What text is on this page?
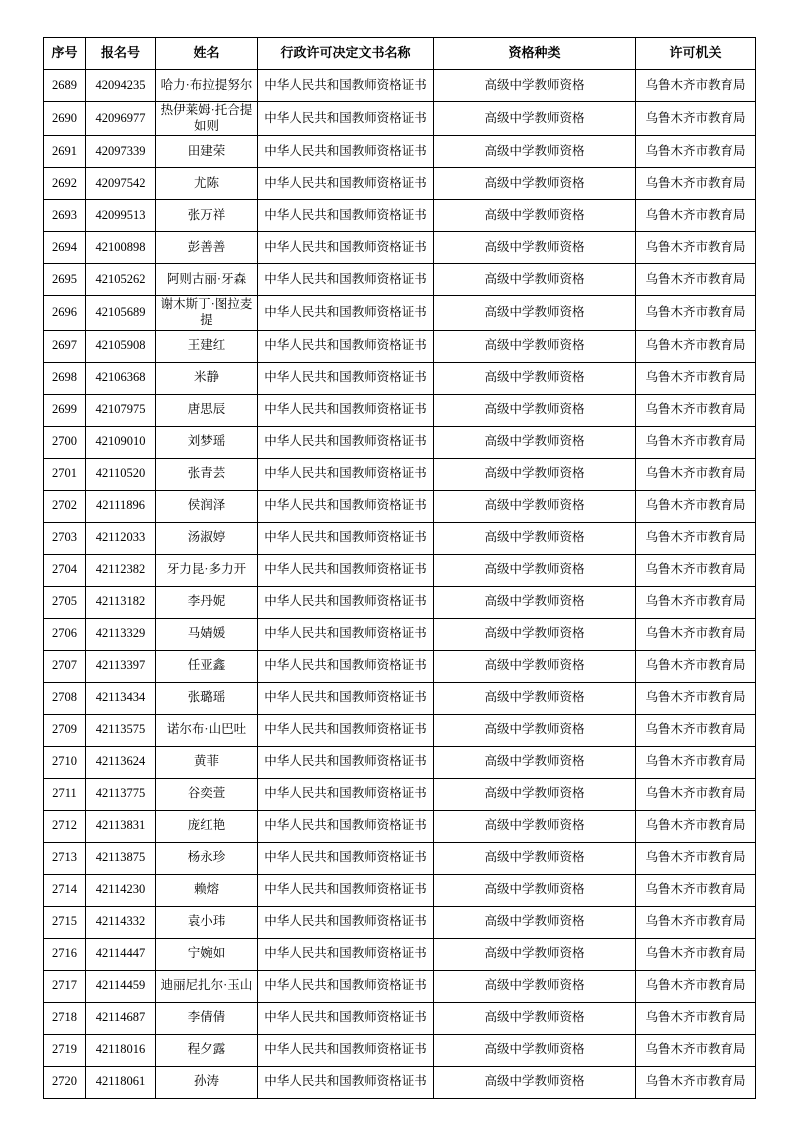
序号	报名号	姓名	行政许可决定文书名称	资格种类	许可机关
2689	42094235	哈力·布拉提努尔	中华人民共和国教师资格证书	高级中学教师资格	乌鲁木齐市教育局
2690	42096977	热伊莱姆·托合提如则	中华人民共和国教师资格证书	高级中学教师资格	乌鲁木齐市教育局
2691	42097339	田建荣	中华人民共和国教师资格证书	高级中学教师资格	乌鲁木齐市教育局
2692	42097542	尤陈	中华人民共和国教师资格证书	高级中学教师资格	乌鲁木齐市教育局
2693	42099513	张万祥	中华人民共和国教师资格证书	高级中学教师资格	乌鲁木齐市教育局
2694	42100898	彭善善	中华人民共和国教师资格证书	高级中学教师资格	乌鲁木齐市教育局
2695	42105262	阿则古丽·牙森	中华人民共和国教师资格证书	高级中学教师资格	乌鲁木齐市教育局
2696	42105689	谢木斯丁·图拉麦提	中华人民共和国教师资格证书	高级中学教师资格	乌鲁木齐市教育局
2697	42105908	王建红	中华人民共和国教师资格证书	高级中学教师资格	乌鲁木齐市教育局
2698	42106368	米静	中华人民共和国教师资格证书	高级中学教师资格	乌鲁木齐市教育局
2699	42107975	唐思辰	中华人民共和国教师资格证书	高级中学教师资格	乌鲁木齐市教育局
2700	42109010	刘梦瑶	中华人民共和国教师资格证书	高级中学教师资格	乌鲁木齐市教育局
2701	42110520	张青芸	中华人民共和国教师资格证书	高级中学教师资格	乌鲁木齐市教育局
2702	42111896	侯润泽	中华人民共和国教师资格证书	高级中学教师资格	乌鲁木齐市教育局
2703	42112033	汤淑婷	中华人民共和国教师资格证书	高级中学教师资格	乌鲁木齐市教育局
2704	42112382	牙力昆·多力开	中华人民共和国教师资格证书	高级中学教师资格	乌鲁木齐市教育局
2705	42113182	李丹妮	中华人民共和国教师资格证书	高级中学教师资格	乌鲁木齐市教育局
2706	42113329	马婧媛	中华人民共和国教师资格证书	高级中学教师资格	乌鲁木齐市教育局
2707	42113397	任亚鑫	中华人民共和国教师资格证书	高级中学教师资格	乌鲁木齐市教育局
2708	42113434	张璐瑶	中华人民共和国教师资格证书	高级中学教师资格	乌鲁木齐市教育局
2709	42113575	诺尔布·山巴吐	中华人民共和国教师资格证书	高级中学教师资格	乌鲁木齐市教育局
2710	42113624	黄菲	中华人民共和国教师资格证书	高级中学教师资格	乌鲁木齐市教育局
2711	42113775	谷奕萱	中华人民共和国教师资格证书	高级中学教师资格	乌鲁木齐市教育局
2712	42113831	庞红艳	中华人民共和国教师资格证书	高级中学教师资格	乌鲁木齐市教育局
2713	42113875	杨永珍	中华人民共和国教师资格证书	高级中学教师资格	乌鲁木齐市教育局
2714	42114230	赖熔	中华人民共和国教师资格证书	高级中学教师资格	乌鲁木齐市教育局
2715	42114332	袁小玮	中华人民共和国教师资格证书	高级中学教师资格	乌鲁木齐市教育局
2716	42114447	宁婉如	中华人民共和国教师资格证书	高级中学教师资格	乌鲁木齐市教育局
2717	42114459	迪丽尼扎尔·玉山	中华人民共和国教师资格证书	高级中学教师资格	乌鲁木齐市教育局
2718	42114687	李倩倩	中华人民共和国教师资格证书	高级中学教师资格	乌鲁木齐市教育局
2719	42118016	程夕露	中华人民共和国教师资格证书	高级中学教师资格	乌鲁木齐市教育局
2720	42118061	孙涛	中华人民共和国教师资格证书	高级中学教师资格	乌鲁木齐市教育局
